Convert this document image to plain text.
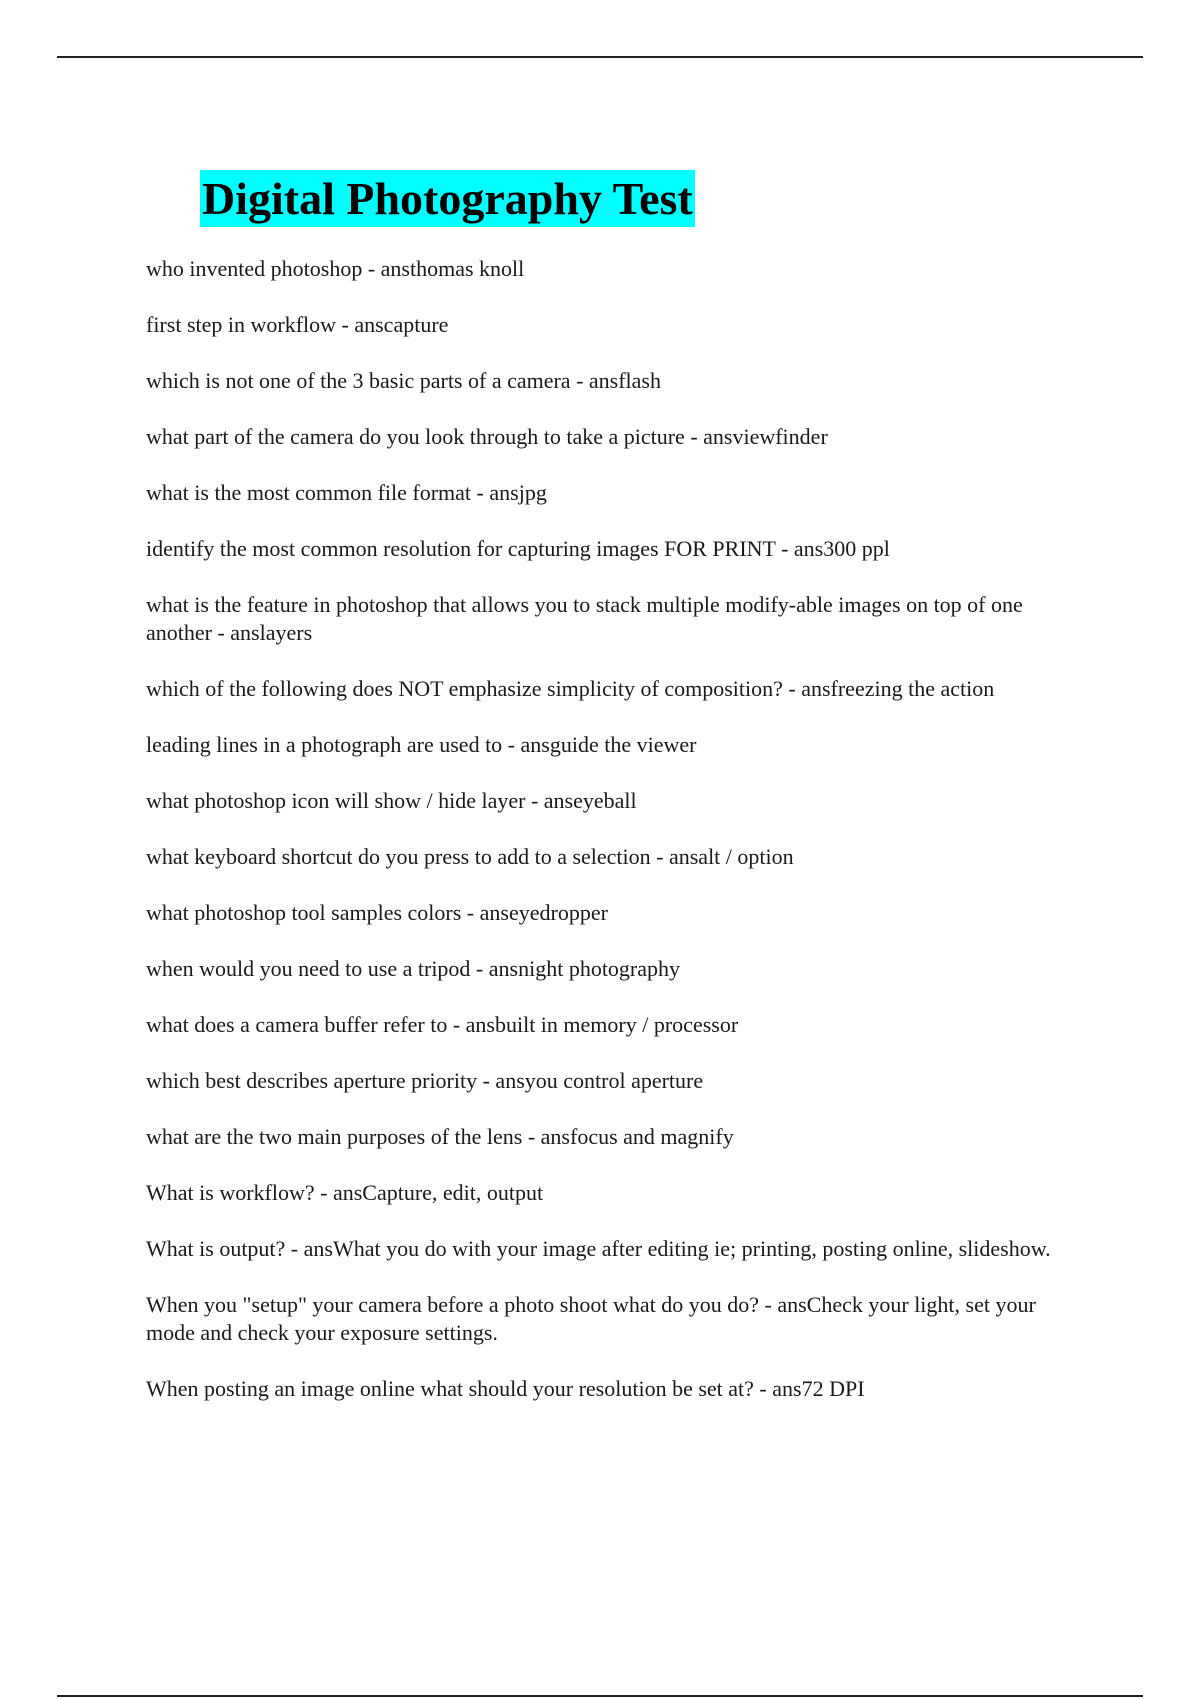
Digital Photography Test
who invented photoshop - ansthomas knoll
first step in workflow - anscapture
which is not one of the 3 basic parts of a camera - ansflash
what part of the camera do you look through to take a picture - ansviewfinder
what is the most common file format - ansjpg
identify the most common resolution for capturing images FOR PRINT - ans300 ppl
what is the feature in photoshop that allows you to stack multiple modify-able images on top of one another - anslayers
which of the following does NOT emphasize simplicity of composition? - ansfreezing the action
leading lines in a photograph are used to - ansguide the viewer
what photoshop icon will show / hide layer - anseyeball
what keyboard shortcut do you press to add to a selection - ansalt / option
what photoshop tool samples colors - anseyedropper
when would you need to use a tripod - ansnight photography
what does a camera buffer refer to - ansbuilt in memory / processor
which best describes aperture priority - ansyou control aperture
what are the two main purposes of the lens - ansfocus and magnify
What is workflow? - ansCapture, edit, output
What is output? - ansWhat you do with your image after editing ie; printing, posting online, slideshow.
When you "setup" your camera before a photo shoot what do you do? - ansCheck your light, set your mode and check your exposure settings.
When posting an image online what should your resolution be set at? - ans72 DPI
